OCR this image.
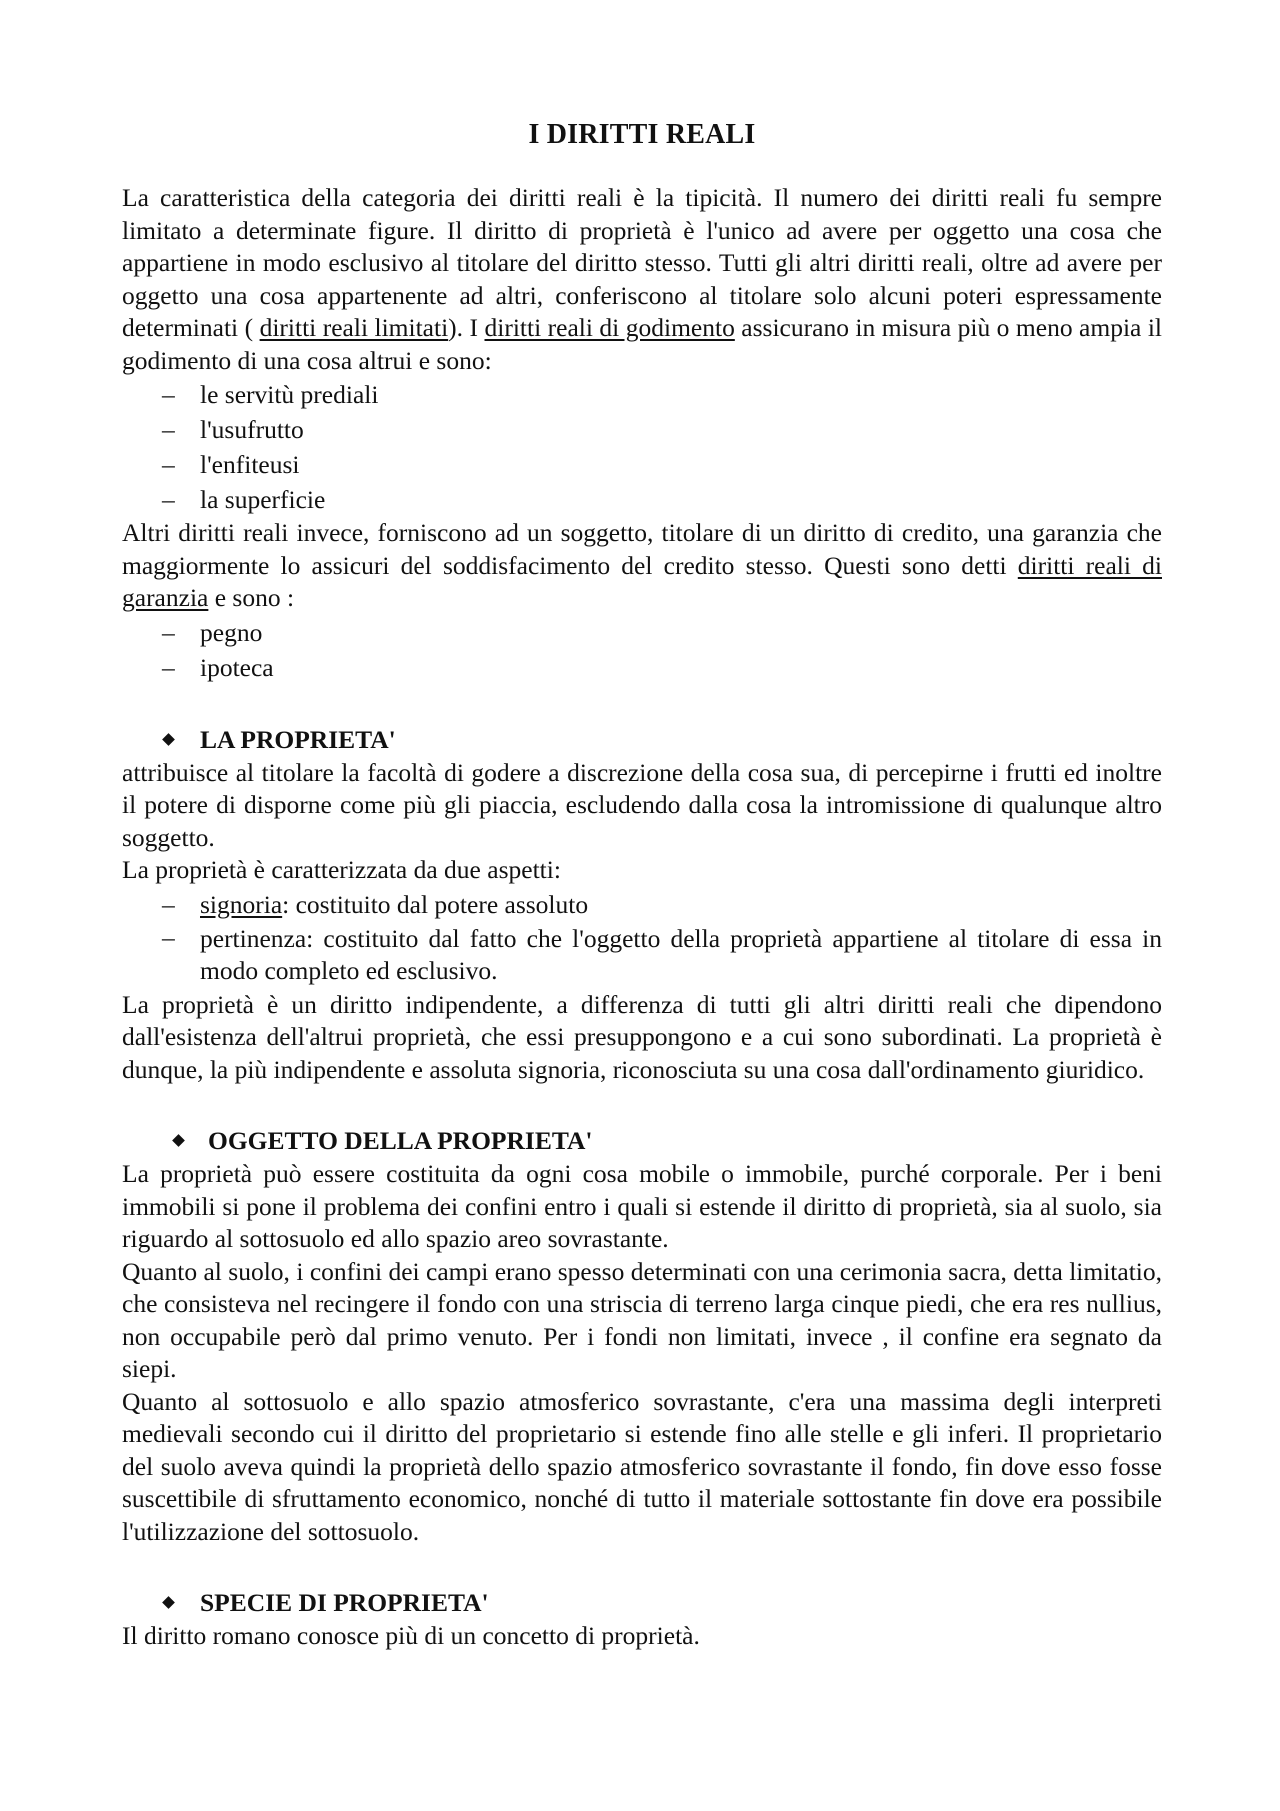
I DIRITTI REALI

La caratteristica della categoria dei diritti reali è la tipicità. Il numero dei diritti reali fu sempre limitato a determinate figure. Il diritto di proprietà è l'unico ad avere per oggetto una cosa che appartiene in modo esclusivo al titolare del diritto stesso. Tutti gli altri diritti reali, oltre ad avere per oggetto una cosa appartenente ad altri, conferiscono al titolare solo alcuni poteri espressamente determinati ( diritti reali limitati). I diritti reali di godimento assicurano in misura più o meno ampia il godimento di una cosa altrui e sono:

– le servitù prediali
– l'usufrutto
– l'enfiteusi
– la superficie

Altri diritti reali invece, forniscono ad un soggetto, titolare di un diritto di credito, una garanzia che maggiormente lo assicuri del soddisfacimento del credito stesso. Questi sono detti diritti reali di garanzia e sono :

– pegno
– ipoteca
LA PROPRIETA'

attribuisce al titolare la facoltà di godere a discrezione della cosa sua, di percepirne i frutti ed inoltre il potere di disporne come più gli piaccia, escludendo dalla cosa la intromissione di qualunque altro soggetto.

La proprietà è caratterizzata da due aspetti:

– signoria: costituito dal potere assoluto
– pertinenza: costituito dal fatto che l'oggetto della proprietà appartiene al titolare di essa in modo completo ed esclusivo.

La proprietà è un diritto indipendente, a differenza di tutti gli altri diritti reali che dipendono dall'esistenza dell'altrui proprietà, che essi presuppongono e a cui sono subordinati. La proprietà è dunque, la più indipendente e assoluta signoria, riconosciuta su una cosa dall'ordinamento giuridico.

OGGETTO DELLA PROPRIETA'

La proprietà può essere costituita da ogni cosa mobile o immobile, purché corporale. Per i beni immobili si pone il problema dei confini entro i quali si estende il diritto di proprietà, sia al suolo, sia riguardo al sottosuolo ed allo spazio areo sovrastante.

Quanto al suolo, i confini dei campi erano spesso determinati con una cerimonia sacra, detta limitatio, che consisteva nel recingere il fondo con una striscia di terreno larga cinque piedi, che era res nullius, non occupabile però dal primo venuto. Per i fondi non limitati, invece , il confine era segnato da siepi.

Quanto al sottosuolo e allo spazio atmosferico sovrastante, c'era una massima degli interpreti medievali secondo cui il diritto del proprietario si estende fino alle stelle e gli inferi. Il proprietario del suolo aveva quindi la proprietà dello spazio atmosferico sovrastante il fondo, fin dove esso fosse suscettibile di sfruttamento economico, nonché di tutto il materiale sottostante fin dove era possibile l'utilizzazione del sottosuolo.

SPECIE DI PROPRIETA'

Il diritto romano conosce più di un concetto di proprietà.
